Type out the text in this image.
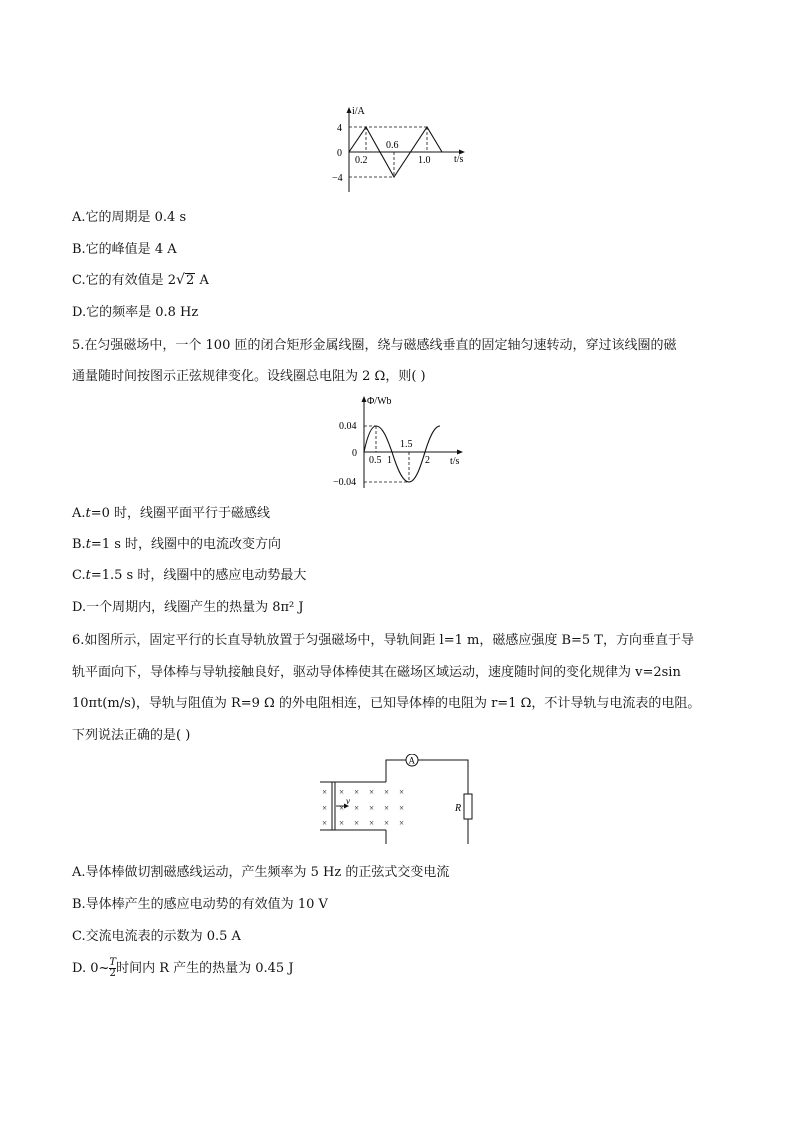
i/A
t/s
4
0
−4
0.2
0.6
1.0
A.它的周期是 0.4 s
B.它的峰值是 4 A
C.它的有效值是 2 √ 2 A
D.它的频率是 0.8 Hz
5.在匀强磁场中，一个 100 匝的闭合矩形金属线圈，绕与磁感线垂直的固定轴匀速转动，穿过该线圈的磁
通量随时间按图示正弦规律变化。设线圈总电阻为 2 Ω，则( )
Φ/Wb
t/s
0.04
0
−0.04
0.5 1
1.5
2
A.t=0 时，线圈平面平行于磁感线
B.t=1 s 时，线圈中的电流改变方向
C.t=1.5 s 时，线圈中的感应电动势最大
D.一个周期内，线圈产生的热量为 8π² J
6.如图所示，固定平行的长直导轨放置于匀强磁场中，导轨间距 l=1 m，磁感应强度 B=5 T，方向垂直于导
轨平面向下，导体棒与导轨接触良好，驱动导体棒使其在磁场区域运动，速度随时间的变化规律为 v=2sin
10πt(m/s)，导轨与阻值为 R=9 Ω 的外电阻相连，已知导体棒的电阻为 r=1 Ω，不计导轨与电流表的电阻。
下列说法正确的是( )
A
R
×
×
×
×
×
×
×
×
×
×
×
×
×
×
×
×
×
×
v
A.导体棒做切割磁感线运动，产生频率为 5 Hz 的正弦式交变电流
B.导体棒产生的感应电动势的有效值为 10 V
C.交流电流表的示数为 0.5 A
D. 0~ $\frac{T}{2}$ 时间内 R 产生的热量为 0.45 J
